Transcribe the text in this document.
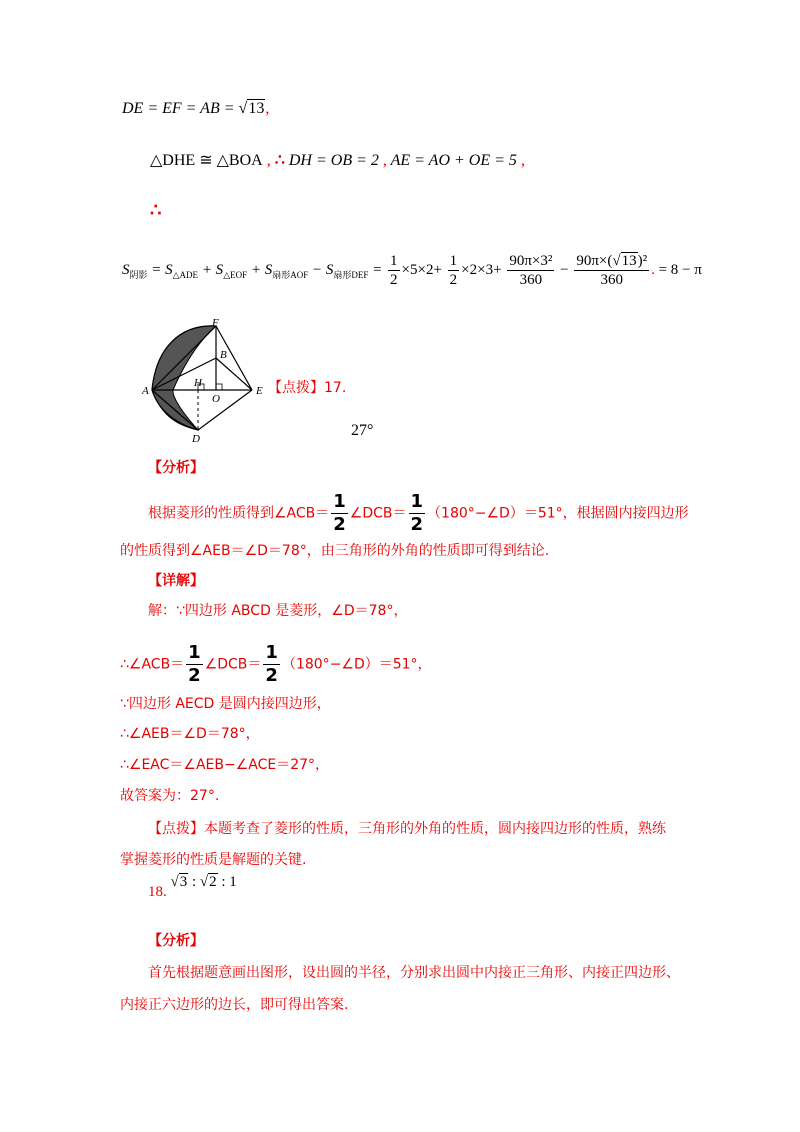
DE = EF = AB = √13,
△DHE ≅ △BOA , ∴ DH = OB = 2 , AE = AO + OE = 5 ,
∴
$S_{阴影} = S_{\triangle ADE} + S_{\triangle EOF} + S_{扇形AOF} - S_{扇形DEF} = \frac{1}{2} \times 5\times 2+ \frac{1}{2} \times 2\times 3+ \frac{\text{90π×3²}}{360} - \frac{\text{90π×(√13)²}}{360}$ . = 8 − π
F
B
A
H
O
E
D
【点拨】17.
27°
【分析】
根据菱形的性质得到∠ACB＝ $\frac{1}{2}$ ∠DCB＝ $\frac{1}{2}$ （180°−∠D）＝51°，根据圆内接四边形
的性质得到∠AEB＝∠D＝78°，由三角形的外角的性质即可得到结论.
【详解】
解：∵四边形 ABCD 是菱形，∠D＝78°，
∴∠ACB＝ $\frac{1}{2}$ ∠DCB＝ $\frac{1}{2}$ （180°−∠D）＝51°，
∵四边形 AECD 是圆内接四边形，
∴∠AEB＝∠D＝78°，
∴∠EAC＝∠AEB−∠ACE＝27°，
故答案为：27°.
【点拨】本题考查了菱形的性质，三角形的外角的性质，圆内接四边形的性质，熟练
掌握菱形的性质是解题的关键.
18. √3 : √2 : 1
【分析】
首先根据题意画出图形，设出圆的半径，分别求出圆中内接正三角形、内接正四边形、
内接正六边形的边长，即可得出答案.
